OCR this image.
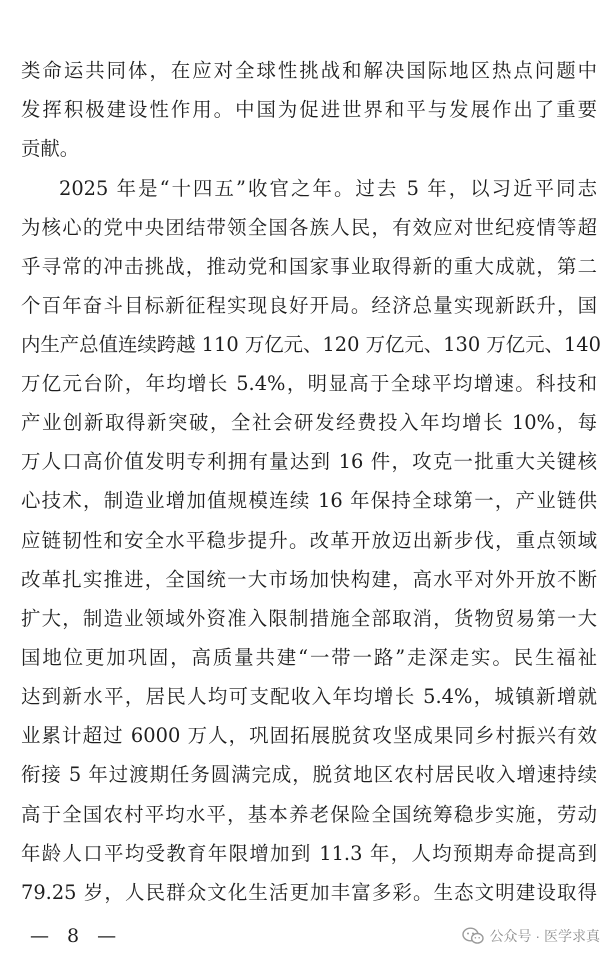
类命运共同体，在应对全球性挑战和解决国际地区热点问题中
发挥积极建设性作用。中国为促进世界和平与发展作出了重要
贡献。
2025 年是“十四五”收官之年。过去 5 年，以习近平同志
为核心的党中央团结带领全国各族人民，有效应对世纪疫情等超
乎寻常的冲击挑战，推动党和国家事业取得新的重大成就，第二
个百年奋斗目标新征程实现良好开局。经济总量实现新跃升，国
内生产总值连续跨越 110 万亿元、120 万亿元、130 万亿元、140
万亿元台阶，年均增长 5.4%，明显高于全球平均增速。科技和
产业创新取得新突破，全社会研发经费投入年均增长 10%，每
万人口高价值发明专利拥有量达到 16 件，攻克一批重大关键核
心技术，制造业增加值规模连续 16 年保持全球第一，产业链供
应链韧性和安全水平稳步提升。改革开放迈出新步伐，重点领域
改革扎实推进，全国统一大市场加快构建，高水平对外开放不断
扩大，制造业领域外资准入限制措施全部取消，货物贸易第一大
国地位更加巩固，高质量共建“一带一路”走深走实。民生福祉
达到新水平，居民人均可支配收入年均增长 5.4%，城镇新增就
业累计超过 6000 万人，巩固拓展脱贫攻坚成果同乡村振兴有效
衔接 5 年过渡期任务圆满完成，脱贫地区农村居民收入增速持续
高于全国农村平均水平，基本养老保险全国统筹稳步实施，劳动
年龄人口平均受教育年限增加到 11.3 年，人均预期寿命提高到
79.25 岁，人民群众文化生活更加丰富多彩。生态文明建设取得
— 8 —	公众号 · 医学求真
